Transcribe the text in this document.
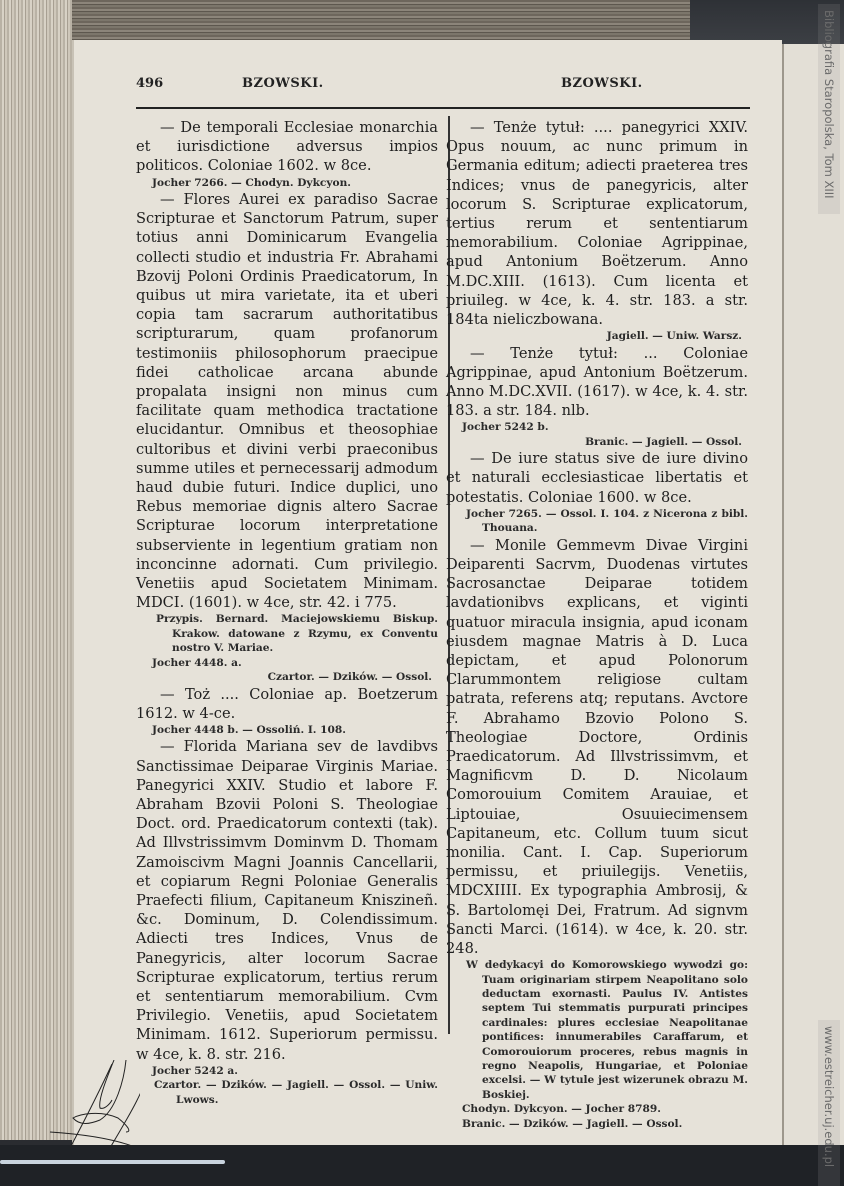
Bibliografia Staropolska, Tom XIII
www.estreicher.uj.edu.pl
496	BZOWSKI.	BZOWSKI.

— De temporali Ecclesiae monarchia et iurisdictione adversus impios politicos. Coloniae 1602. w 8ce.

Jocher 7266. — Chodyn. Dykcyon.

— Flores Aurei ex paradiso Sacrae Scripturae et Sanctorum Patrum, super totius anni Dominicarum Evangelia collecti studio et industria Fr. Abrahami Bzovij Poloni Ordinis Praedicatorum, In quibus ut mira varietate, ita et uberi copia tam sacrarum authoritatibus scripturarum, quam profanorum testimoniis philosophorum praecipue fidei catholicae arcana abunde propalata insigni non minus cum facilitate quam methodica tractatione elucidantur. Omnibus et theosophiae cultoribus et divini verbi praeconibus summe utiles et pernecessarij admodum haud dubie futuri. Indice duplici, uno Rebus memoriae dignis altero Sacrae Scripturae locorum interpretatione subserviente in legentium gratiam non inconcinne adornati. Cum privilegio. Venetiis apud Societatem Minimam. MDCI. (1601). w 4ce, str. 42. i 775.

Przypis. Bernard. Maciejowskiemu Biskup. Krakow. datowane z Rzymu, ex Conventu nostro V. Mariae.

Jocher 4448. a.

Czartor. — Dzików. — Ossol.

— Toż .... Coloniae ap. Boetzerum 1612. w 4-ce.

Jocher 4448 b. — Ossoliń. I. 108.

— Florida Mariana sev de lavdibvs Sanctissimae Deiparae Virginis Mariae. Panegyrici XXIV. Studio et labore F. Abraham Bzovii Poloni S. Theologiae Doct. ord. Praedicatorum contexti (tak). Ad Illvstrissimvm Dominvm D. Thomam Zamoiscivm Magni Joannis Cancellarii, et copiarum Regni Poloniae Generalis Praefecti filium, Capitaneum Kniszineñ. &c. Dominum, D. Colendissimum. Adiecti tres Indices, Vnus de Panegyricis, alter locorum Sacrae Scripturae explicatorum, tertius rerum et sententiarum memorabilium. Cvm Privilegio. Venetiis, apud Societatem Minimam. 1612. Superiorum permissu. w 4ce, k. 8. str. 216.

Jocher 5242 a.

Czartor. — Dzików. — Jagiell. — Ossol. — Uniw. Lwows.

— Tenże tytuł: .... panegyrici XXIV. Opus nouum, ac nunc primum in Germania editum; adiecti praeterea tres Indices; vnus de panegyricis, alter locorum S. Scripturae explicatorum, tertius rerum et sententiarum memorabilium. Coloniae Agrippinae, apud Antonium Boëtzerum. Anno M.DC.XIII. (1613). Cum licenta et priuileg. w 4ce, k. 4. str. 183. a str. 184ta nieliczbowana.

Jagiell. — Uniw. Warsz.

— Tenże tytuł: ... Coloniae Agrippinae, apud Antonium Boëtzerum. Anno M.DC.XVII. (1617). w 4ce, k. 4. str. 183. a str. 184. nlb.

Jocher 5242 b.

Branic. — Jagiell. — Ossol.

— De iure status sive de iure divino et naturali ecclesiasticae libertatis et potestatis. Coloniae 1600. w 8ce.

Jocher 7265. — Ossol. I. 104. z Nicerona z bibl. Thouana.

— Monile Gemmevm Divae Virgini Deiparenti Sacrvm, Duodenas virtutes Sacrosanctae Deiparae totidem lavdationibvs explicans, et viginti quatuor miracula insignia, apud iconam eiusdem magnae Matris à D. Luca depictam, et apud Polonorum Clarummontem religiose cultam patrata, referens atq; reputans. Avctore F. Abrahamo Bzovio Polono S. Theologiae Doctore, Ordinis Praedicatorum. Ad Illvstrissimvm, et Magnificvm D. D. Nicolaum Comorouium Comitem Arauiae, et Liptouiae, Osuuiecimensem Capitaneum, etc. Collum tuum sicut monilia. Cant. I. Cap. Superiorum permissu, et priuilegijs. Venetiis, MDCXIIII. Ex typographia Ambrosij, & S. Bartolomęi Dei, Fratrum. Ad signvm Sancti Marci. (1614). w 4ce, k. 20. str. 248.

W dedykacyi do Komorowskiego wywodzi go: Tuam originariam stirpem Neapolitano solo deductam exornasti. Paulus IV. Antistes septem Tui stemmatis purpurati principes cardinales: plures ecclesiae Neapolitanae pontifices: innumerabiles Caraffarum, et Comorouiorum proceres, rebus magnis in regno Neapolis, Hungariae, et Poloniae excelsi. — W tytule jest wizerunek obrazu M. Boskiej.

Chodyn. Dykcyon. — Jocher 8789.

Branic. — Dzików. — Jagiell. — Ossol.
